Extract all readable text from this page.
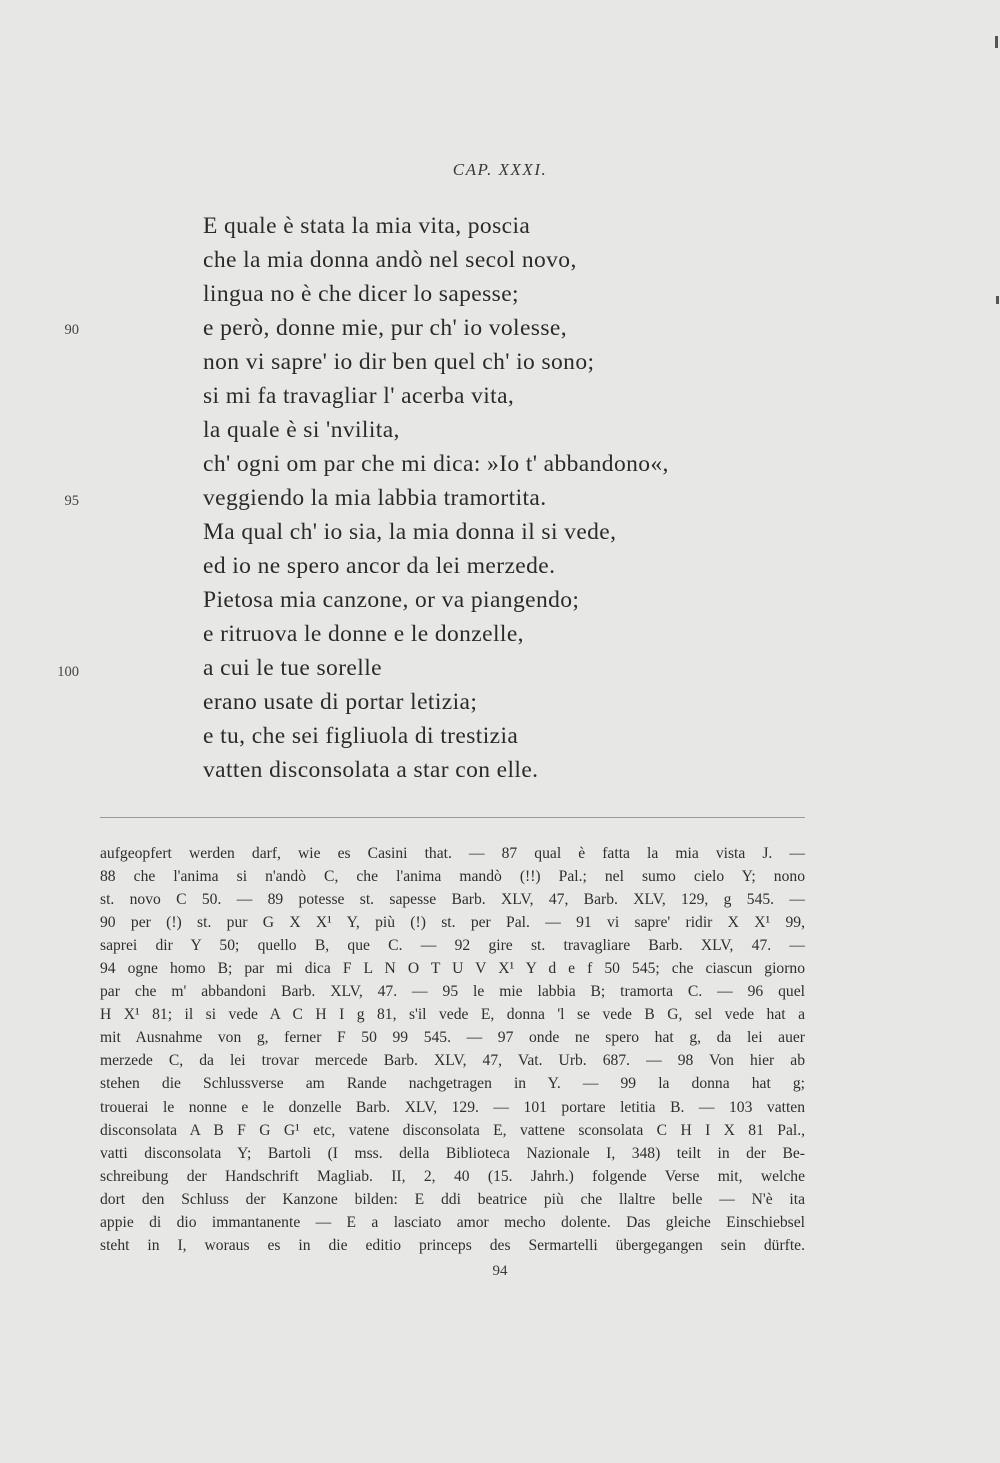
CAP. XXXI.
90
95
100
E quale è stata la mia vita, poscia
che la mia donna andò nel secol novo,
lingua no è che dicer lo sapesse;
e però, donne mie, pur ch' io volesse,
non vi sapre' io dir ben quel ch' io sono;
si mi fa travagliar l' acerba vita,
la quale è si 'nvilita,
ch' ogni om par che mi dica: »Io t' abbandono«,
veggiendo la mia labbia tramortita.
Ma qual ch' io sia, la mia donna il si vede,
ed io ne spero ancor da lei merzede.
Pietosa mia canzone, or va piangendo;
e ritruova le donne e le donzelle,
a cui le tue sorelle
erano usate di portar letizia;
e tu, che sei figliuola di trestizia
vatten disconsolata a star con elle.
aufgeopfert werden darf, wie es Casini that. — 87 qual è fatta la mia vista J. —
88 che l'anima si n'andò C, che l'anima mandò (!!) Pal.; nel sumo cielo Y; nono
st. novo C 50. — 89 potesse st. sapesse Barb. XLV, 47, Barb. XLV, 129, g 545. —
90 per (!) st. pur G X X¹ Y, più (!) st. per Pal. — 91 vi sapre' ridir X X¹ 99,
saprei dir Y 50; quello B, que C. — 92 gire st. travagliare Barb. XLV, 47. —
94 ogne homo B; par mi dica F L N O T U V X¹ Y d e f 50 545; che ciascun giorno
par che m' abbandoni Barb. XLV, 47. — 95 le mie labbia B; tramorta C. — 96 quel
H X¹ 81; il si vede A C H I g 81, s'il vede E, donna 'l se vede B G, sel vede hat a
mit Ausnahme von g, ferner F 50 99 545. — 97 onde ne spero hat g, da lei auer
merzede C, da lei trovar mercede Barb. XLV, 47, Vat. Urb. 687. — 98 Von hier ab
stehen die Schlussverse am Rande nachgetragen in Y. — 99 la donna hat g;
trouerai le nonne e le donzelle Barb. XLV, 129. — 101 portare letitia B. — 103 vatten
disconsolata A B F G G¹ etc, vatene disconsolata E, vattene sconsolata C H I X 81 Pal.,
vatti disconsolata Y; Bartoli (I mss. della Biblioteca Nazionale I, 348) teilt in der Be-
schreibung der Handschrift Magliab. II, 2, 40 (15. Jahrh.) folgende Verse mit, welche
dort den Schluss der Kanzone bilden: E ddi beatrice più che llaltre belle — N'è ita
appie di dio immantanente — E a lasciato amor mecho dolente. Das gleiche Einschiebsel
steht in I, woraus es in die editio princeps des Sermartelli übergegangen sein dürfte.
94
